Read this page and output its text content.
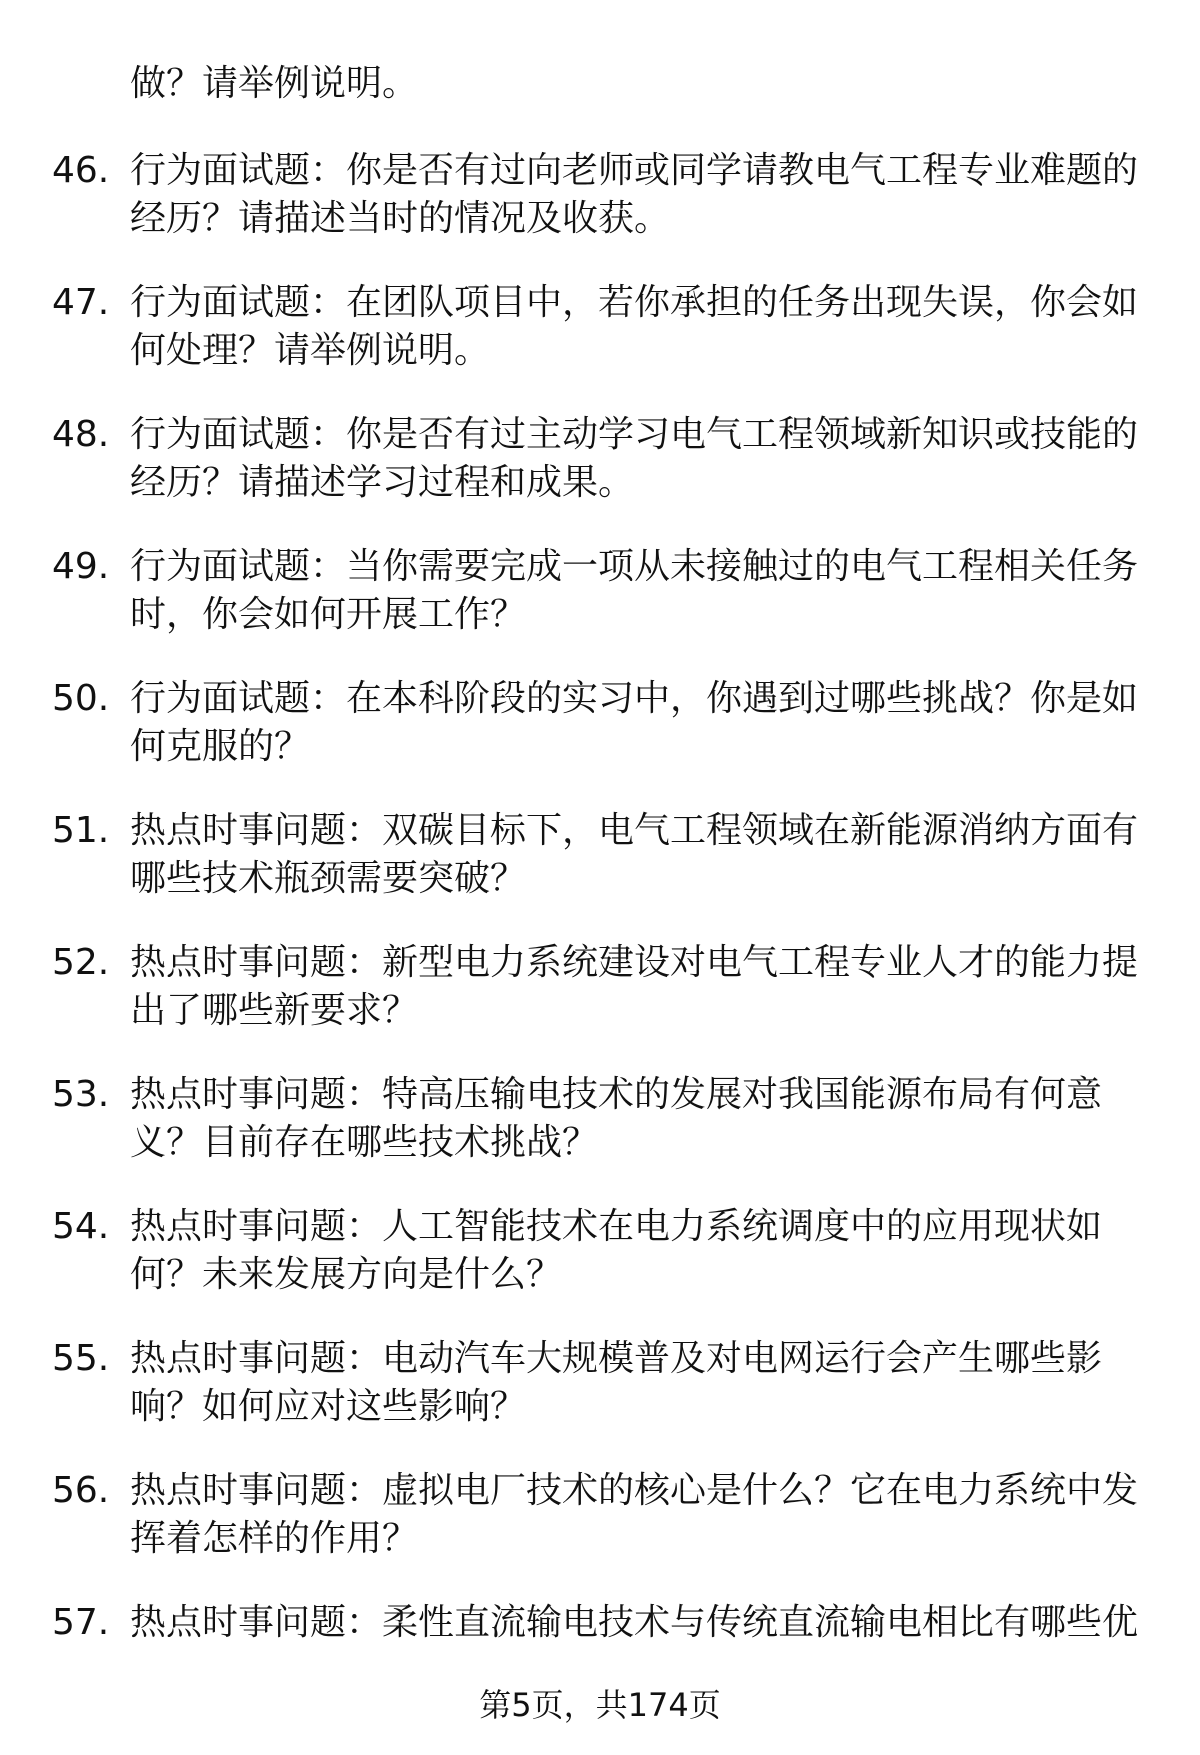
做？请举例说明。
46. 行为面试题：你是否有过向老师或同学请教电气工程专业难题的
经历？请描述当时的情况及收获。
47. 行为面试题：在团队项目中，若你承担的任务出现失误，你会如
何处理？请举例说明。
48. 行为面试题：你是否有过主动学习电气工程领域新知识或技能的
经历？请描述学习过程和成果。
49. 行为面试题：当你需要完成一项从未接触过的电气工程相关任务
时，你会如何开展工作？
50. 行为面试题：在本科阶段的实习中，你遇到过哪些挑战？你是如
何克服的？
51. 热点时事问题：双碳目标下，电气工程领域在新能源消纳方面有
哪些技术瓶颈需要突破？
52. 热点时事问题：新型电力系统建设对电气工程专业人才的能力提
出了哪些新要求？
53. 热点时事问题：特高压输电技术的发展对我国能源布局有何意
义？目前存在哪些技术挑战？
54. 热点时事问题：人工智能技术在电力系统调度中的应用现状如
何？未来发展方向是什么？
55. 热点时事问题：电动汽车大规模普及对电网运行会产生哪些影
响？如何应对这些影响？
56. 热点时事问题：虚拟电厂技术的核心是什么？它在电力系统中发
挥着怎样的作用？
57. 热点时事问题：柔性直流输电技术与传统直流输电相比有哪些优
第5页，共174页
